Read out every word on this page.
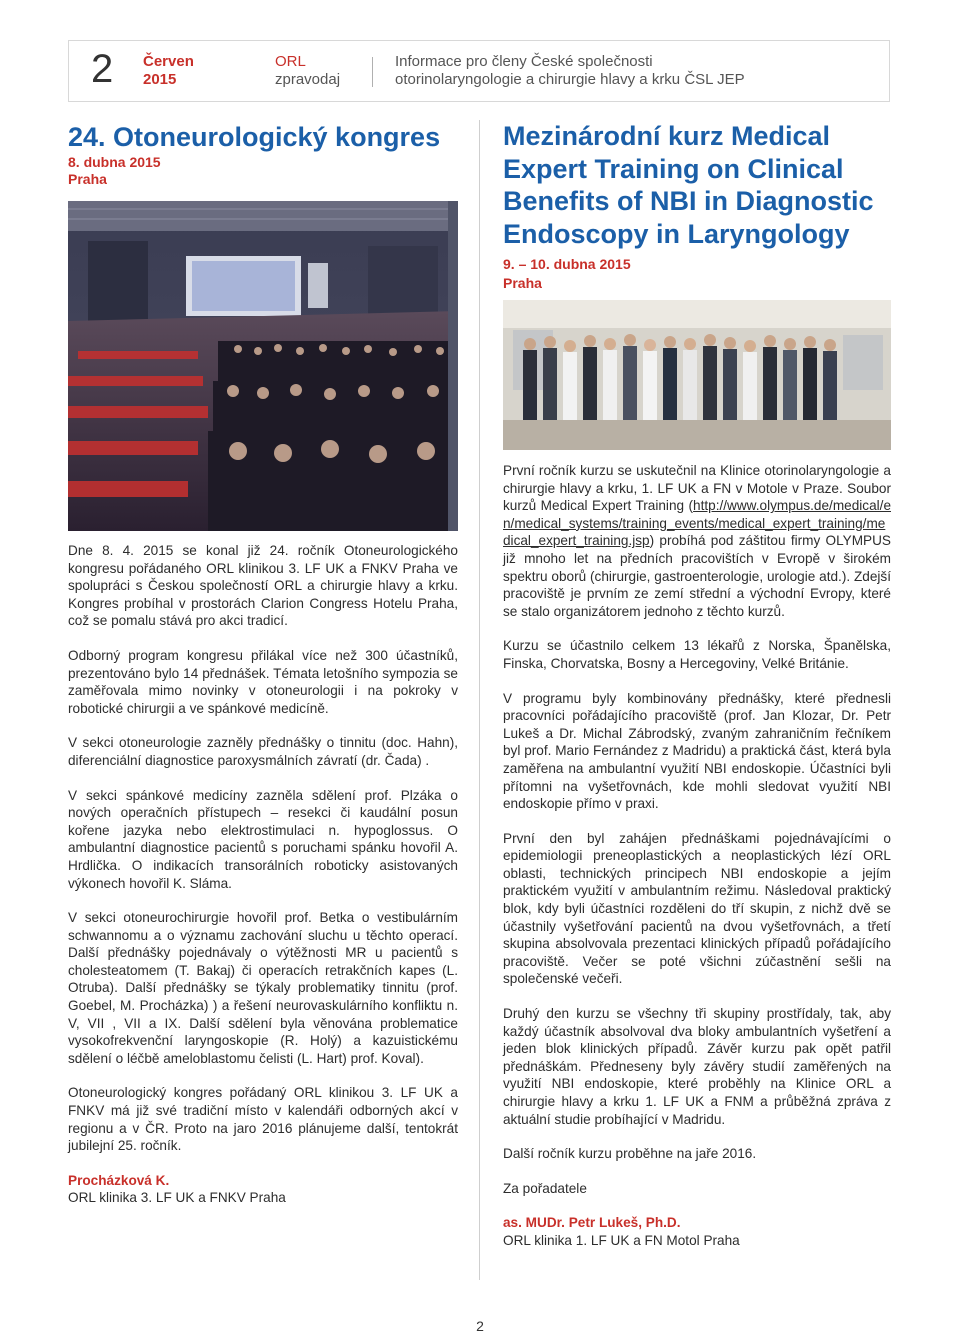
2 Červen
2015
ORL
zpravodaj
Informace pro členy České společnosti
otorinolaryngologie a chirurgie hlavy a krku ČSL JEP
24. Otoneurologický kongres
8. dubna 2015
Praha

Dne 8. 4. 2015 se konal již 24. ročník Otoneurologického kongresu pořádaného ORL klinikou 3. LF UK a FNKV Praha ve spolupráci s Českou společností ORL a chirurgie hlavy a krku. Kongres probíhal v prostorách Clarion Congress Hotelu Praha, což se pomalu stává pro akci tradicí.

Odborný program kongresu přilákal více než 300 účastníků, prezentováno bylo 14 přednášek. Témata letošního sympozia se zaměřovala mimo novinky v otoneurologii i na pokroky v robotické chirurgii a ve spánkové medicíně.

V sekci otoneurologie zazněly přednášky o tinnitu (doc. Hahn), diferenciální diagnostice paroxysmálních závratí (dr. Čada) .

V sekci spánkové medicíny zazněla sdělení prof. Plzáka o nových operačních přístupech – resekci či kaudální posun kořene jazyka nebo elektrostimulaci n. hypoglossus. O ambulantní diagnostice pacientů s poruchami spánku hovořil A. Hrdlička. O indikacích transorálních roboticky asistovaných výkonech hovořil K. Sláma.

V sekci otoneurochirurgie hovořil prof. Betka o vestibulárním schwannomu a o významu zachování sluchu u těchto operací. Další přednášky pojednávaly o výtěžnosti MR u pacientů s cholesteatomem (T. Bakaj) či operacích retrakčních kapes (L. Otruba). Další přednášky se týkaly problematiky tinnitu (prof. Goebel, M. Procházka) ) a řešení neurovaskulárního konfliktu n. V, VII , VII a IX. Další sdělení byla věnována problematice vysokofrekvenční laryngoskopie (R. Holý) a kazuistickému sdělení o léčbě ameloblastomu čelisti (L. Hart) prof. Koval).

Otoneurologický kongres pořádaný ORL klinikou 3. LF UK a FNKV má již své tradiční místo v kalendáři odborných akcí v regionu a v ČR. Proto na jaro 2016 plánujeme další, tentokrát jubilejní 25. ročník.

Procházková K.

ORL klinika 3. LF UK a FNKV Praha

Mezinárodní kurz Medical Expert Training on Clinical Benefits of NBI in Diagnostic Endoscopy in Laryngology
9. – 10. dubna 2015
Praha

První ročník kurzu se uskutečnil na Klinice otorinolaryngologie a chirurgie hlavy a krku, 1. LF UK a FN v Motole v Praze. Soubor kurzů Medical Expert Training (http://www.olympus.de/medical/en/medical_systems/training_events/medical_expert_training/medical_expert_training.jsp) probíhá pod záštitou firmy OLYMPUS již mnoho let na předních pracovištích v Evropě v širokém spektru oborů (chirurgie, gastroenterologie, urologie atd.). Zdejší pracoviště je prvním ze zemí střední a východní Evropy, které se stalo organizátorem jednoho z těchto kurzů.

Kurzu se účastnilo celkem 13 lékařů z Norska, Španělska, Finska, Chorvatska, Bosny a Hercegoviny, Velké Británie.

V programu byly kombinovány přednášky, které přednesli pracovníci pořádajícího pracoviště (prof. Jan Klozar, Dr. Petr Lukeš a Dr. Michal Zábrodský, zvaným zahraničním řečníkem byl prof. Mario Fernández z Madridu) a praktická část, která byla zaměřena na ambulantní využití NBI endoskopie. Účastníci byli přítomni na vyšetřovnách, kde mohli sledovat využití NBI endoskopie přímo v praxi.

První den byl zahájen přednáškami pojednávajícími o epidemiologii preneoplastických a neoplastických lézí ORL oblasti, technických principech NBI endoskopie a jejím praktickém využití v ambulantním režimu. Následoval praktický blok, kdy byli účastníci rozděleni do tří skupin, z nichž dvě se účastnily vyšetřování pacientů na dvou vyšetřovnách, a třetí skupina absolvovala prezentaci klinických případů pořádajícího pracoviště. Večer se poté všichni zúčastnění sešli na společenské večeři.

Druhý den kurzu se všechny tři skupiny prostřídaly, tak, aby každý účastník absolvoval dva bloky ambulantních vyšetření a jeden blok klinických případů. Závěr kurzu pak opět patřil přednáškám. Předneseny byly závěry studií zaměřených na využití NBI endoskopie, které proběhly na Klinice ORL a chirurgie hlavy a krku 1. LF UK a FNM a průběžná zpráva z aktuální studie probíhající v Madridu.

Další ročník kurzu proběhne na jaře 2016.

Za pořadatele

as. MUDr. Petr Lukeš, Ph.D.

ORL klinika 1. LF UK a FN Motol Praha

2
